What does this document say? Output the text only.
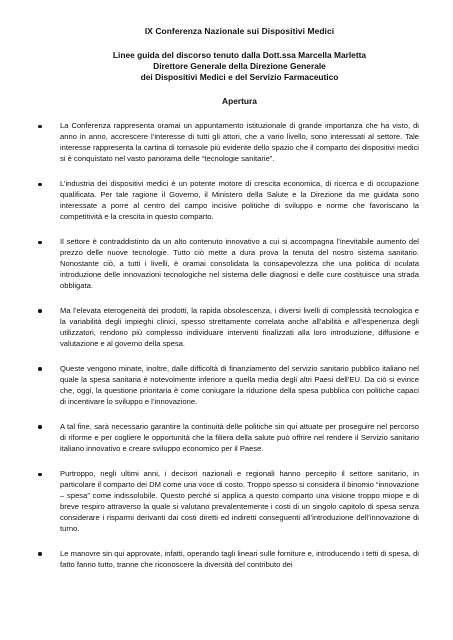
IX Conferenza Nazionale sui Dispositivi Medici
Linee guida del discorso tenuto dalla Dott.ssa Marcella Marletta
Direttore Generale della Direzione Generale
dei Dispositivi Medici e del Servizio Farmaceutico
Apertura
La Conferenza rappresenta oramai un appuntamento istituzionale di grande importanza che ha visto, di anno in anno, accrescere l’interesse di tutti gli attori, che a vario livello, sono interessati al settore. Tale interesse rappresenta la cartina di tornasole più evidente dello spazio che il comparto dei dispositivi medici si è conquistato nel vasto panorama delle “tecnologie sanitarie”.
L’industria dei dispositivi medici è un potente motore di crescita economica, di ricerca e di occupazione qualificata. Per tale ragione il Governo, il Ministero della Salute e la Direzione da me guidata sono interessate a porre al centro del campo incisive politiche di sviluppo e norme che favoriscano la competitività e la crescita in questo comparto.
Il settore è contraddistinto da un alto contenuto innovativo a cui si accompagna l’inevitabile aumento del prezzo delle nuove tecnologie. Tutto ciò mette a dura prova la tenuta del nostro sistema sanitario. Nonostante ciò, a tutti i livelli, è oramai consolidata la consapevolezza che una politica di oculata introduzione delle innovazioni tecnologiche nel sistema delle diagnosi e delle cure costituisce una strada obbligata.
Ma l’elevata eterogeneità dei prodotti, la rapida obsolescenza, i diversi livelli di complessità tecnologica e la variabilità degli impieghi clinici, spesso strettamente correlata anche all’abilità e all’esperienza degli utilizzatori, rendono più complesso individuare interventi finalizzati alla loro introduzione, diffusione e valutazione e al governo della spesa.
Queste vengono minate, inoltre, dalle difficoltà di finanziamento del servizio sanitario pubblico italiano nel quale la spesa sanitaria è notevolmente inferiore a quella media degli altri Paesi dell’EU. Da ciò si evince che, oggi, la questione prioritaria è come coniugare la riduzione della spesa pubblica con politiche capaci di incentivare lo sviluppo e l’innovazione.
A tal fine, sarà necessario garantire la continuità delle politiche sin qui attuate per proseguire nel percorso di riforme e per cogliere le opportunità che la filiera della salute può offrire nel rendere il Servizio sanitario italiano innovativo e creare sviluppo economico per il Paese.
Purtroppo, negli ultimi anni, i decisori nazionali e regionali hanno percepito il settore sanitario, in particolare il comparto dei DM come una voce di costo. Troppo spesso si considera il binomio “innovazione – spesa” come indissolubile. Questo perché si applica a questo comparto una visione troppo miope e di breve respiro attraverso la quale si valutano prevalentemente i costi di un singolo capitolo di spesa senza considerare i risparmi derivanti dai costi diretti ed indiretti conseguenti all’introduzione dell’innovazione di turno.
Le manovre sin qui approvate, infatti, operando tagli lineari sulle forniture e, introducendo i tetti di spesa, di fatto fanno tutto, tranne che riconoscere la diversità del contributo dei
